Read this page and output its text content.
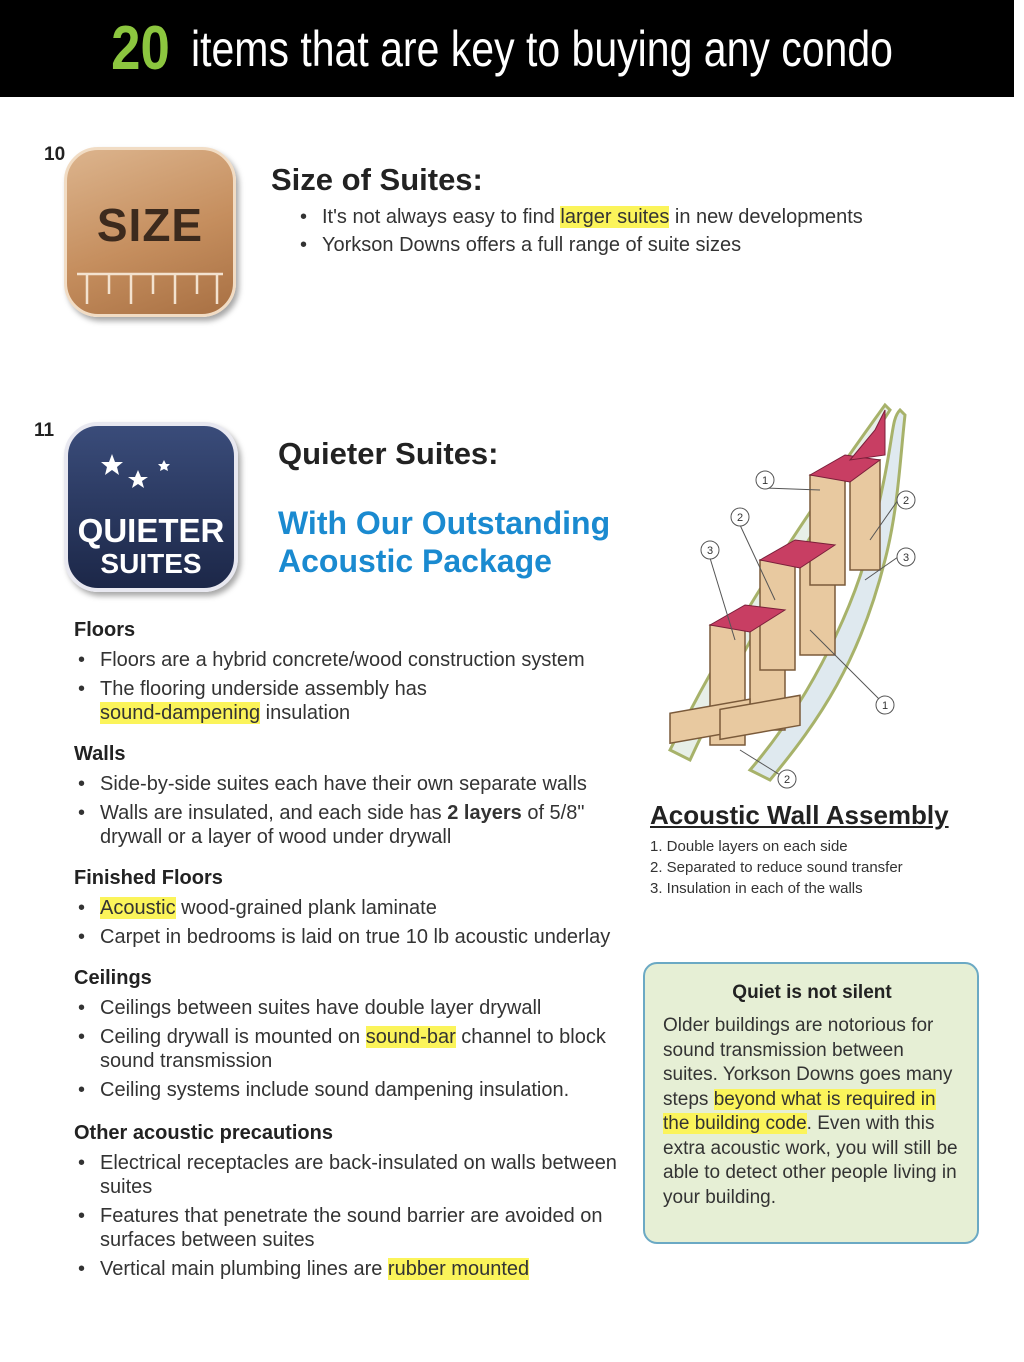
20 items that are key to buying any condo
10
SIZE
Size of Suites:
• It's not always easy to find larger suites in new developments
• Yorkson Downs offers a full range of suite sizes
11
QUIETER
SUITES
Quieter Suites:
With Our Outstanding
Acoustic Package
Floors
• Floors are a hybrid concrete/wood construction system
• The flooring underside assembly has sound-dampening insulation
Walls
• Side-by-side suites each have their own separate walls
• Walls are insulated, and each side has 2 layers of 5/8" drywall or a layer of wood under drywall
Finished Floors
• Acoustic wood-grained plank laminate
• Carpet in bedrooms is laid on true 10 lb acoustic underlay
Ceilings
• Ceilings between suites have double layer drywall
• Ceiling drywall is mounted on sound-bar channel to block sound transmission
• Ceiling systems include sound dampening insulation.
Other acoustic precautions
• Electrical receptacles are back-insulated on walls between suites
• Features that penetrate the sound barrier are avoided on surfaces between suites
• Vertical main plumbing lines are rubber mounted
1
2
2
3
3
1
2
Acoustic Wall Assembly
1. Double layers on each side
2. Separated to reduce sound transfer
3. Insulation in each of the walls
Quiet is not silent
Older buildings are notorious for sound transmission between suites. Yorkson Downs goes many steps beyond what is required in the building code. Even with this extra acoustic work, you will still be able to detect other people living in your building.
